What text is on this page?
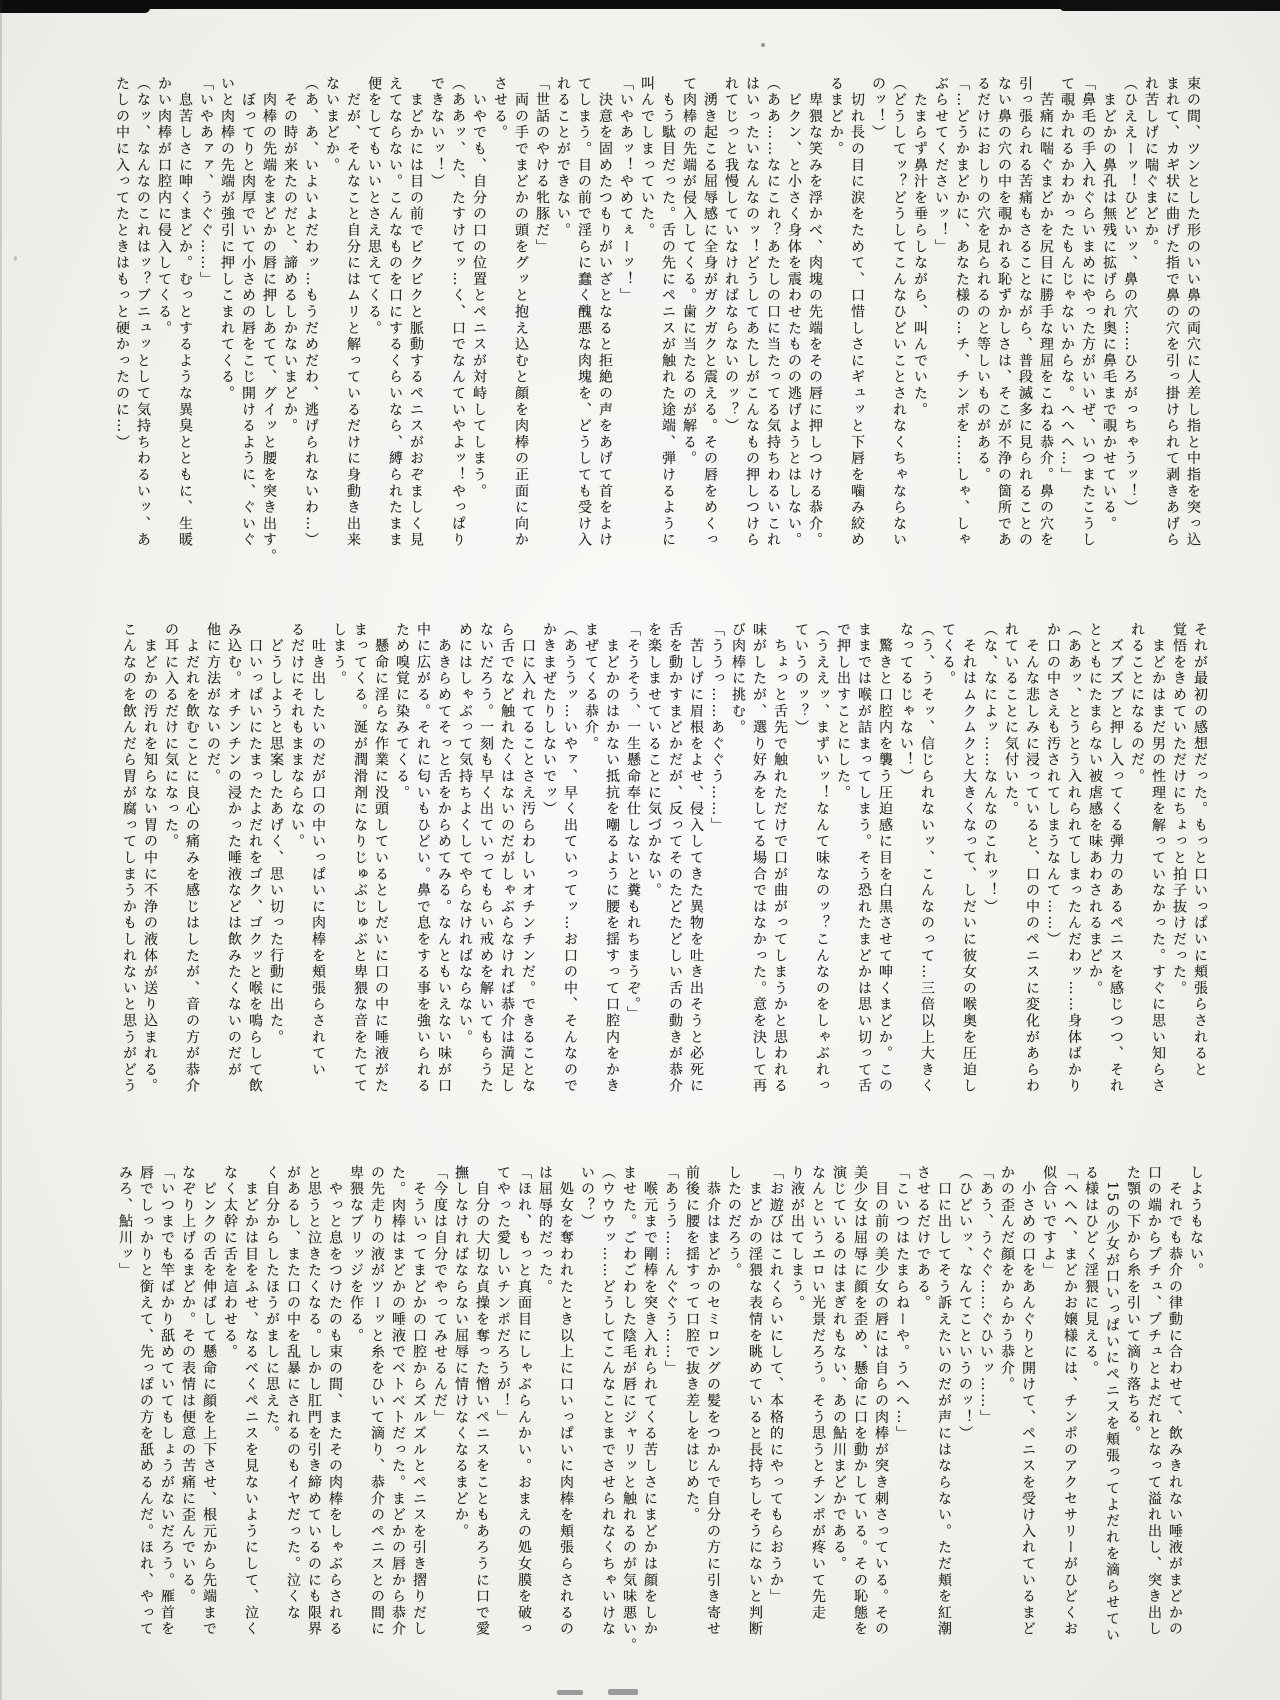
束の間、ツンとした形のいい鼻の両穴に人差し指と中指を突っ込
まれて、カギ状に曲げた指で鼻の穴を引っ掛けられて剥きあげら
れ苦しげに喘ぐまどか。
（ひええーッ！ひどいッ、鼻の穴……ひろがっちゃうッ！）
　まどかの鼻孔は無残に拡げられ奥に鼻毛まで覗かせている。
「鼻毛の手入れぐらいまめにやった方がいいぜ、いつまたこうし
て覗かれるかわかったもんじゃないからな。へへへ…」
　苦痛に喘ぐまどかを尻目に勝手な理屈をこねる恭介。鼻の穴を
引っ張られる苦痛もさることながら、普段滅多に見られることの
ない鼻の穴の中を覗かれる恥ずかしさは、そこが不浄の箇所であ
るだけにおしりの穴を見られるのと等しいものがある。
「…どうかまどかに、あなた様の…チ、チンポを……しゃ、しゃ
ぶらせてくださいッ！」
　たまらず鼻汁を垂らしながら、叫んでいた。
（どうしてッ？どうしてこんなひどいことされなくちゃならない
のッ！）
　切れ長の目に涙をためて、口惜しさにギュッと下唇を噛み絞め
るまどか。
　卑猥な笑みを浮かべ、肉塊の先端をその唇に押しつける恭介。
　ビクン、と小さく身体を震わせたものの逃げようとはしない。
（ああ……なにこれ？あたしの口に当たってる気持ちわるいこれ
はいったいなんなのッ！どうしてあたしがこんなもの押しつけら
れてじっと我慢していなければならないのッ？）
　湧き起こる屈辱感に全身がガクガクと震える。その唇をめくっ
て肉棒の先端が侵入してくる。歯に当たるのが解る。
　もう駄目だった。舌の先にペニスが触れた途端、弾けるように
叫んでしまっていた。
「いやあッ！やめてぇーッ！」
　決意を固めたつもりがいざとなると拒絶の声をあげて首をよけ
てしまう。目の前で淫らに蠢く醜悪な肉塊を、どうしても受け入
れることができない。
「世話のやける牝豚だ」
　両の手でまどかの頭をグッと抱え込むと顔を肉棒の正面に向か
させる。
　いやでも、自分の口の位置とペニスが対峙してしまう。
（ああッ、た、たすけてッ…く、口でなんていやよッ！やっぱり
できないッ！）
　まどかには目の前でビクビクと脈動するペニスがおぞましく見
えてならない。こんなものを口にするくらいなら、縛られたまま
便をしてもいいとさえ思えてくる。
　だが、そんなこと自分にはムリと解っているだけに身動き出来
ないまどか。
（あ、あ、いよいよだわッ…もうだめだわ、逃げられないわ…）
　その時が来たのだと、諦めるしかないまどか。
　肉棒の先端をまどかの唇に押しあてて、グイッと腰を突き出す。
　ぼってりと肉厚でいて小さめの唇をこじ開けるように、ぐいぐ
いと肉棒の先端が強引に押しこまれてくる。
「いやあァァ、うぐぐ……」
　息苦しさに呻くまどか。むっとするような異臭とともに、生暖
かい肉棒が口腔内に侵入してくる。
（なッ、なんなのこれはッ？ブニュッとして気持ちわるいッ、あ
たしの中に入ってたときはもっと硬かったのに…）
それが最初の感想だった。もっと口いっぱいに頬張らされると
覚悟をきめていただけにちょっと拍子抜けだった。
　まどかはまだ男の性理を解っていなかった。すぐに思い知らさ
れることになるのだ。
　ズブズブと押し入ってくる弾力のあるペニスを感じつつ、それ
とともにたまらない被虐感を味あわされるまどか。
（ああッ、とうとう入れられてしまったんだわッ……身体ばかり
か口の中さえも汚されてしまうなんて……）
　そんな悲しみに浸っていると、口の中のペニスに変化があらわ
れていることに気付いた。
（な、なによッ……なんなのこれッ！）
　それはムクムクと大きくなって、しだいに彼女の喉奥を圧迫し
てくる。
（う、うそッ、信じられないッ、こんなのって…三倍以上大きく
なってるじゃない！）
　驚きと口腔内を襲う圧迫感に目を白黒させて呻くまどか。この
ままでは喉が詰まってしまう。そう恐れたまどかは思い切って舌
で押し出すことにした。
（うええッ、まずいッ！なんて味なのッ？こんなのをしゃぶれっ
ていうのッ？）
　ちょっと舌先で触れただけで口が曲がってしまうかと思われる
味がしたが、選り好みをしてる場合ではなかった。意を決して再
び肉棒に挑む。
「ううっ……あぐぐう……」
　苦しげに眉根をよせ、侵入してきた異物を吐き出そうと必死に
舌を動かすまどかだが、反ってそのたどたどしい舌の動きが恭介
を楽しませていることに気づかない。
「そうそう、一生懸命奉仕しないと糞もれちまうぞ。」
　まどかのはかない抵抗を嘲るように腰を揺すって口腔内をかき
まぜてくる恭介。
（あううッ…いやァ、早く出ていってッ…お口の中、そんなので
かきまぜたりしないでッ）
　口に入れてることさえ汚らわしいオチンチンだ。できることな
ら舌でなど触れたくはないのだがしゃぶらなければ恭介は満足し
ないだろう。一刻も早く出ていってもらい戒めを解いてもらうた
めにはしゃぶって気持ちよくしてやらなければならない。
　あきらめてそっと舌をからめてみる。なんともいえない味が口
中に広がる。それに匂いもひどい。鼻で息をする事を強いられる
ため嗅覚に染みてくる。
　懸命に淫らな作業に没頭しているとしだいに口の中に唾液がた
まってくる。涎が潤滑剤になりじゅぶじゅぶと卑猥な音をたてて
しまう。
　吐き出したいのだが口の中いっぱいに肉棒を頬張らされてい
るだけにそれもままならない。
　どうしようと思案したあげく、思い切った行動に出た。
　口いっぱいにたまったよだれをゴク、ゴクッと喉を鳴らして飲
み込む。オチンチンの浸かった唾液などは飲みたくないのだが
他に方法がないのだ。
　よだれを飲むことに良心の痛みを感じはしたが、音の方が恭介
の耳に入るだけに気になった。
　まどかの汚れを知らない胃の中に不浄の液体が送り込まれる。
こんなのを飲んだら胃が腐ってしまうかもしれないと思うがどう
しようもない。
　それでも恭介の律動に合わせて、飲みきれない唾液がまどかの
口の端からプチュ、プチュとよだれとなって溢れ出し、突き出し
た顎の下から糸を引いて滴り落ちる。
　15の少女が口いっぱいにペニスを頬張ってよだれを滴らせてい
る様はひどく淫猥に見える。
「へへへ、まどかお嬢様には、チンポのアクセサリーがひどくお
似合いですよ」
　小さめの口をあんぐりと開けて、ペニスを受け入れているまど
かの歪んだ顔をからかう恭介。
「あう、うぐぐ……ぐひいッ……」
（ひどいッ、なんてこというのッ！）
　口に出してそう訴えたいのだが声にはならない。ただ頬を紅潮
させるだけである。
「こいつはたまらねーや。うへへ…」
　目の前の美少女の唇には自らの肉棒が突き刺さっている。その
美少女は屈辱に顔を歪め、懸命に口を動かしている。その恥態を
演じているのはまぎれもない、あの鮎川まどかである。
なんというエロい光景だろう。そう思うとチンポが疼いて先走
り液が出てしまう。
「お遊びはこれくらいにして、本格的にやってもらおうか」
　まどかの淫猥な表情を眺めていると長持ちしそうにないと判断
したのだろう。
　恭介はまどかのセミロングの髪をつかんで自分の方に引き寄せ
前後に腰を揺すって口腔で抜き差しをはじめた。
「あうう……んぐぐう……」
　喉元まで剛棒を突き入れられてくる苦しさにまどかは顔をしか
ませた。ごわごわした陰毛が唇にジャリッと触れるのが気味悪い。
（ウウウッ……どうしてこんなことまでさせられなくちゃいけな
いの？）
　処女を奪われたとき以上に口いっぱいに肉棒を頬張らされるの
は屈辱的だった。
「ほれ、もっと真面目にしゃぶらんかい。おまえの処女膜を破っ
てやった愛しいチンポだろうが！」
　自分の大切な貞操を奪った憎いペニスをこともあろうに口で愛
撫しなければならない屈辱に情けなくなるまどか。
「今度は自分でやってみせるんだ」
　そういってまどかの口腔からズルズルとペニスを引き摺りだし
た。肉棒はまどかの唾液でベトベトだった。まどかの唇から恭介
の先走りの液がツーッと糸をひいて滴り、恭介のペニスとの間に
卑猥なブリッジを作る。
　やっと息をつけたのも束の間、またその肉棒をしゃぶらされる
と思うと泣きたくなる。しかし肛門を引き締めているのにも限界
があるし、また口の中を乱暴にされるのもイヤだった。泣くな
く自分からしたほうがましに思えた。
　まどかは目をふせ、なるべくペニスを見ないようにして、泣く
なく太幹に舌を這わせる。
　ピンクの舌を伸ばして懸命に顔を上下させ、根元から先端まで
なぞり上げるまどか。その表情は便意の苦痛に歪んでいる。
「いつまでも竿ばかり舐めていてもしょうがないだろう。雁首を
唇でしっかりと銜えて、先っぽの方を舐めるんだ。ほれ、やって
みろ、鮎川ッ」
